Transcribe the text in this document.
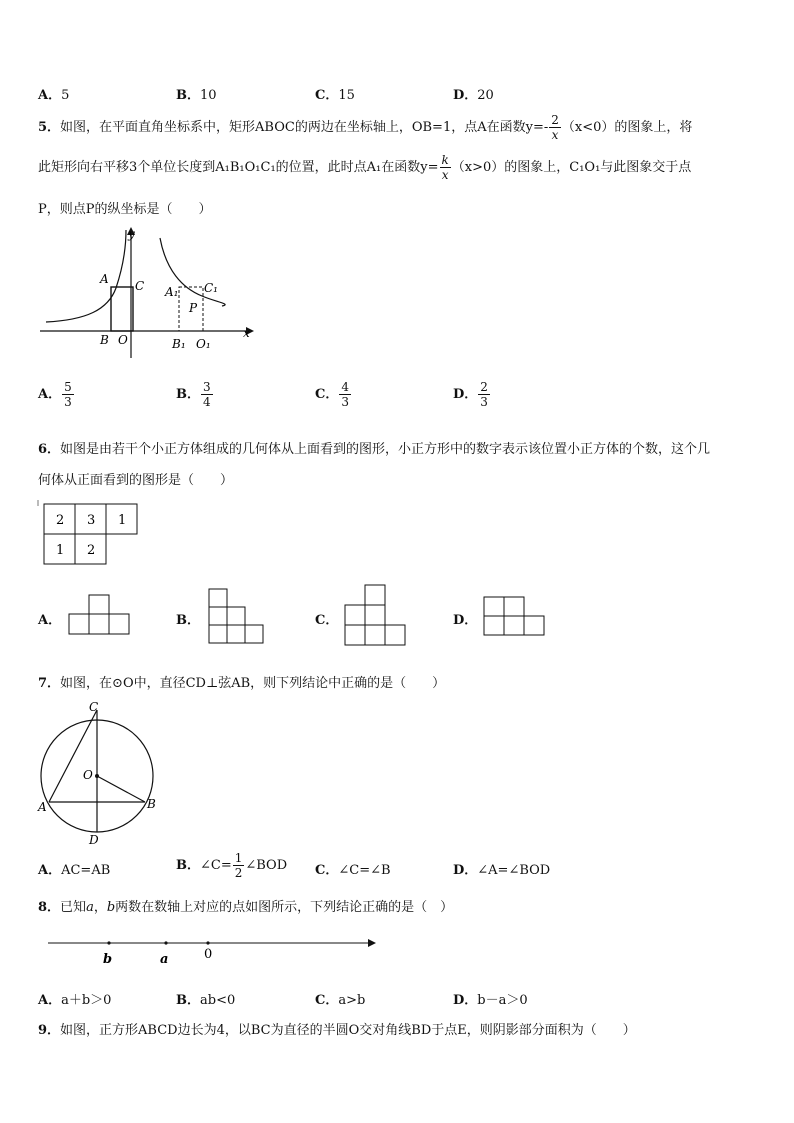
A．5	B．10	C．15	D．20
5．如图，在平面直角坐标系中，矩形ABOC的两边在坐标轴上，OB=1，点A在函数$y=- \frac{2}{x} (x<0)$的图象上，将
此矩形向右平移3个单位长度到A₁B₁O₁C₁的位置，此时点A₁在函数$y= \frac{k}{x} (x>0)$的图象上，C₁O₁与此图象交于点
P，则点P的纵坐标是（　　）
A C
B O
y
x
A₁ C₁
P
B₁ O₁
A． $\frac{5}{3}$	B． $\frac{3}{4}$	C． $\frac{4}{3}$	D． $\frac{2}{3}$
6．如图是由若干个小正方体组成的几何体从上面看到的图形，小正方形中的数字表示该位置小正方体的个数，这个几
何体从正面看到的图形是（　　）
2 3 1
1 2
A．	B．	C．	D．
7．如图，在⊙O中，直径CD⊥弦AB，则下列结论中正确的是（　　）
C
O
A	B
D
A．AC=AB	B．∠C= $\frac{1}{2}$ ∠BOD C．∠C=∠B	D．∠A=∠BOD
8．已知a，b两数在数轴上对应的点如图所示，下列结论正确的是（　）
b	a	0
A．a＋b＞0	B．ab<0	C．a>b	D．b－a＞0
9．如图，正方形ABCD边长为4，以BC为直径的半圆O交对角线BD于点E，则阴影部分面积为（　　）
